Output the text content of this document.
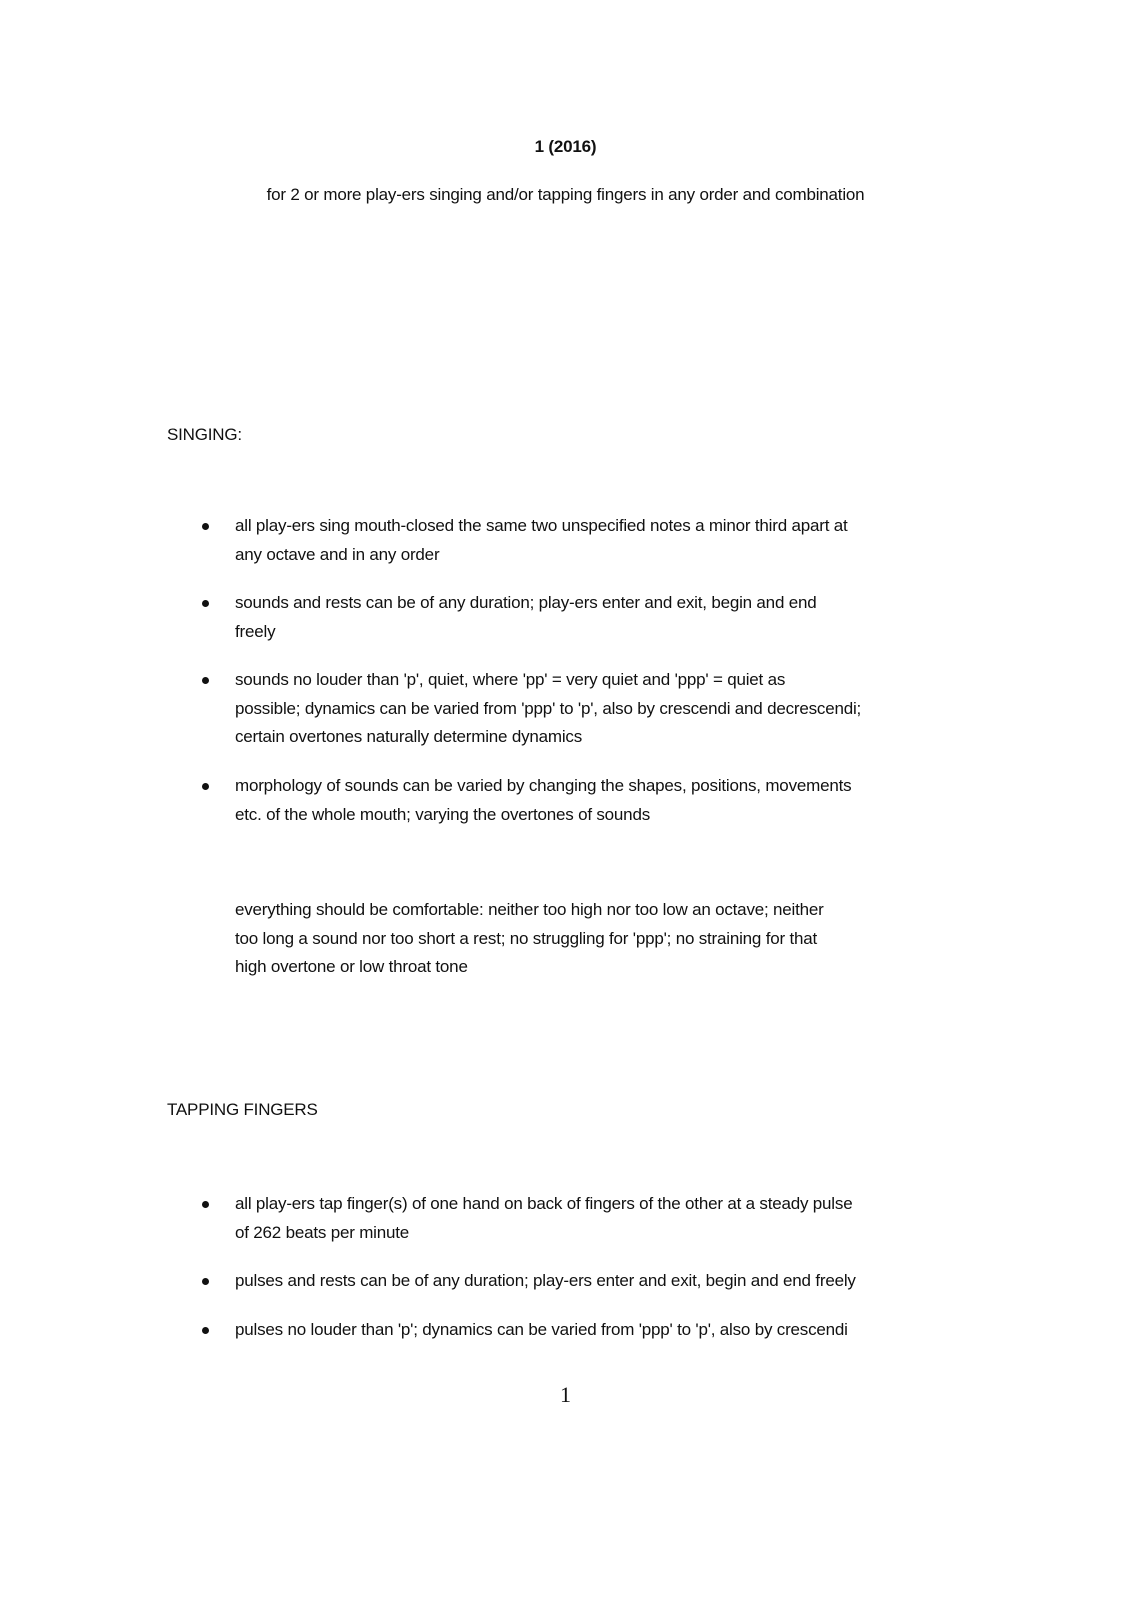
1 (2016)
for 2 or more play-ers singing and/or tapping fingers in any order and combination
SINGING:
all play-ers sing mouth-closed the same two unspecified notes a minor third apart at
any octave and in any order
sounds and rests can be of any duration; play-ers enter and exit, begin and end
freely
sounds no louder than 'p', quiet, where 'pp' = very quiet and 'ppp' = quiet as
possible; dynamics can be varied from 'ppp' to 'p', also by crescendi and decrescendi;
certain overtones naturally determine dynamics
morphology of sounds can be varied by changing the shapes, positions, movements
etc. of the whole mouth; varying the overtones of sounds
everything should be comfortable: neither too high nor too low an octave; neither
too long a sound nor too short a rest; no struggling for 'ppp'; no straining for that
high overtone or low throat tone
TAPPING FINGERS
all play-ers tap finger(s) of one hand on back of fingers of the other at a steady pulse
of 262 beats per minute
pulses and rests can be of any duration; play-ers enter and exit, begin and end freely
pulses no louder than 'p'; dynamics can be varied from 'ppp' to 'p', also by crescendi
1
